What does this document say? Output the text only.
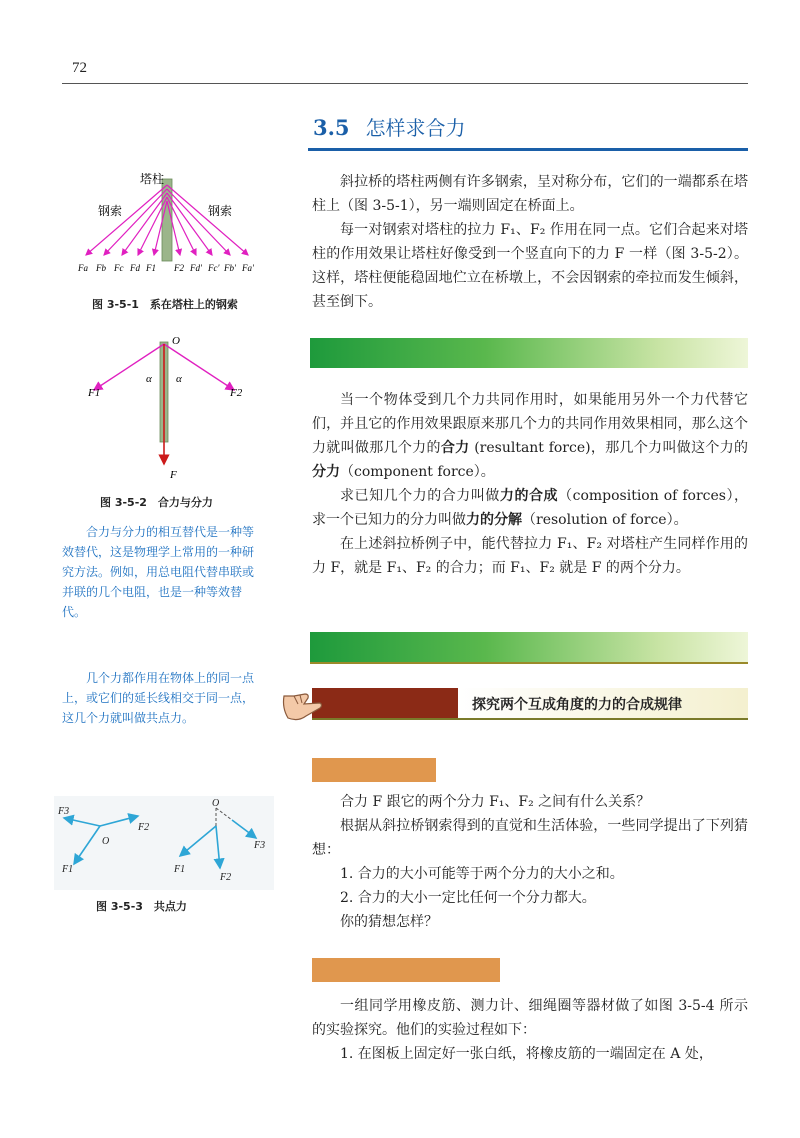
72
3.5 怎样求合力

斜拉桥的塔柱两侧有许多钢索，呈对称分布，它们的一端都系在塔柱上（图 3-5-1），另一端则固定在桥面上。

每一对钢索对塔柱的拉力 F₁、F₂ 作用在同一点。它们合起来对塔柱的作用效果让塔柱好像受到一个竖直向下的力 F 一样（图 3-5-2）。这样，塔柱便能稳固地伫立在桥墩上，不会因钢索的牵拉而发生倾斜，甚至倒下。

当一个物体受到几个力共同作用时，如果能用另外一个力代替它们，并且它的作用效果跟原来那几个力的共同作用效果相同，那么这个力就叫做那几个力的合力 (resultant force)，那几个力叫做这个力的分力（component force）。

求已知几个力的合力叫做力的合成（composition of forces），求一个已知力的分力叫做力的分解（resolution of force）。

在上述斜拉桥例子中，能代替拉力 F₁、F₂ 对塔柱产生同样作用的力 F，就是 F₁、F₂ 的合力；而 F₁、F₂ 就是 F 的两个分力。

探究两个互成角度的力的合成规律

合力 F 跟它的两个分力 F₁、F₂ 之间有什么关系？

根据从斜拉桥钢索得到的直觉和生活体验，一些同学提出了下列猜想：

1. 合力的大小可能等于两个分力的大小之和。

2. 合力的大小一定比任何一个分力都大。

你的猜想怎样？

一组同学用橡皮筋、测力计、细绳圈等器材做了如图 3-5-4 所示的实验探究。他们的实验过程如下：

1. 在图板上固定好一张白纸，将橡皮筋的一端固定在 A 处，

塔柱
钢索	钢索
Fa Fb Fc Fd F1 F2 Fd' Fc' Fb' Fa'
图 3-5-1　系在塔柱上的钢索
O
α α
F1	F2
F
图 3-5-2　合力与分力

合力与分力的相互替代是一种等效替代，这是物理学上常用的一种研究方法。例如，用总电阻代替串联或并联的几个电阻，也是一种等效替代。

几个力都作用在物体上的同一点上，或它们的延长线相交于同一点，这几个力就叫做共点力。

F3
F2
O
F1
O
F3
F1
F2
图 3-5-3　共点力
